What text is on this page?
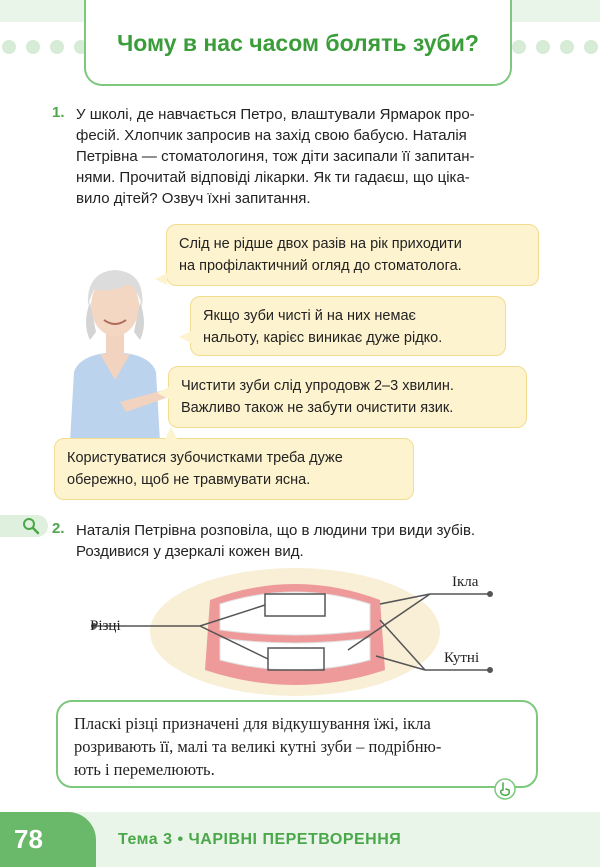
Чому в нас часом болять зуби?
1. У школі, де навчається Петро, влаштували Ярмарок про-
фесій. Хлопчик запросив на захід свою бабусю. Наталія
Петрівна — стоматологиня, тож діти засипали її запитан-
нями. Прочитай відповіді лікарки. Як ти гадаєш, що ціка-
вило дітей? Озвуч їхні запитання.
Слід не рідше двох разів на рік приходити
на профілактичний огляд до стоматолога.
Якщо зуби чисті й на них немає
нальоту, карієс виникає дуже рідко.
Чистити зуби слід упродовж 2–3 хвилин.
Важливо також не забути очистити язик.
Користуватися зубочистками треба дуже
обережно, щоб не травмувати ясна.
2. Наталія Петрівна розповіла, що в людини три види зубів.
Роздивися у дзеркалі кожен вид.
Різці
Ікла
Кутні
Пласкі різці призначені для відкушування їжі, ікла
розривають її, малі та великі кутні зуби – подрібню-
ють і перемелюють.
78	Тема 3 • ЧАРІВНІ ПЕРЕТВОРЕННЯ
